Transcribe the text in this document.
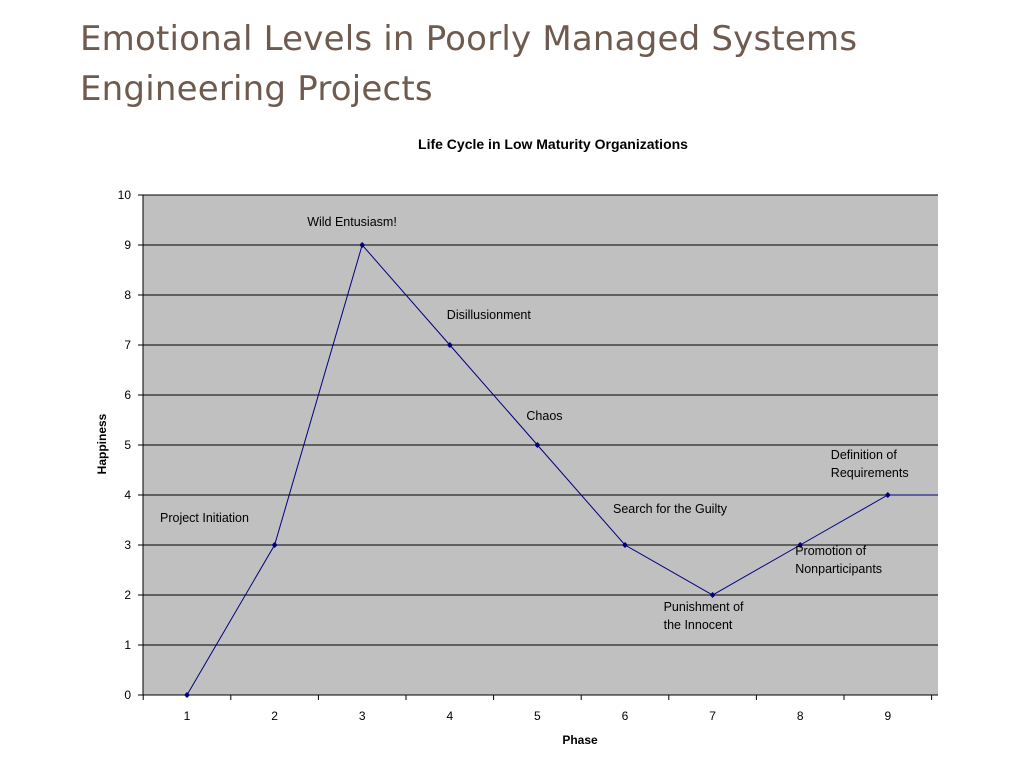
Emotional Levels in Poorly Managed Systems
Engineering Projects
Life Cycle in Low Maturity Organizations
0
1
2
3
4
5
6
7
8
9
10
1	2	3	4	5	6	7	8	9
Project Initiation
Wild Entusiasm!
Disillusionment
Chaos
Search for the Guilty
Punishment of the Innocent
Promotion of Nonparticipants
Definition of Requirements
Happiness
Phase
